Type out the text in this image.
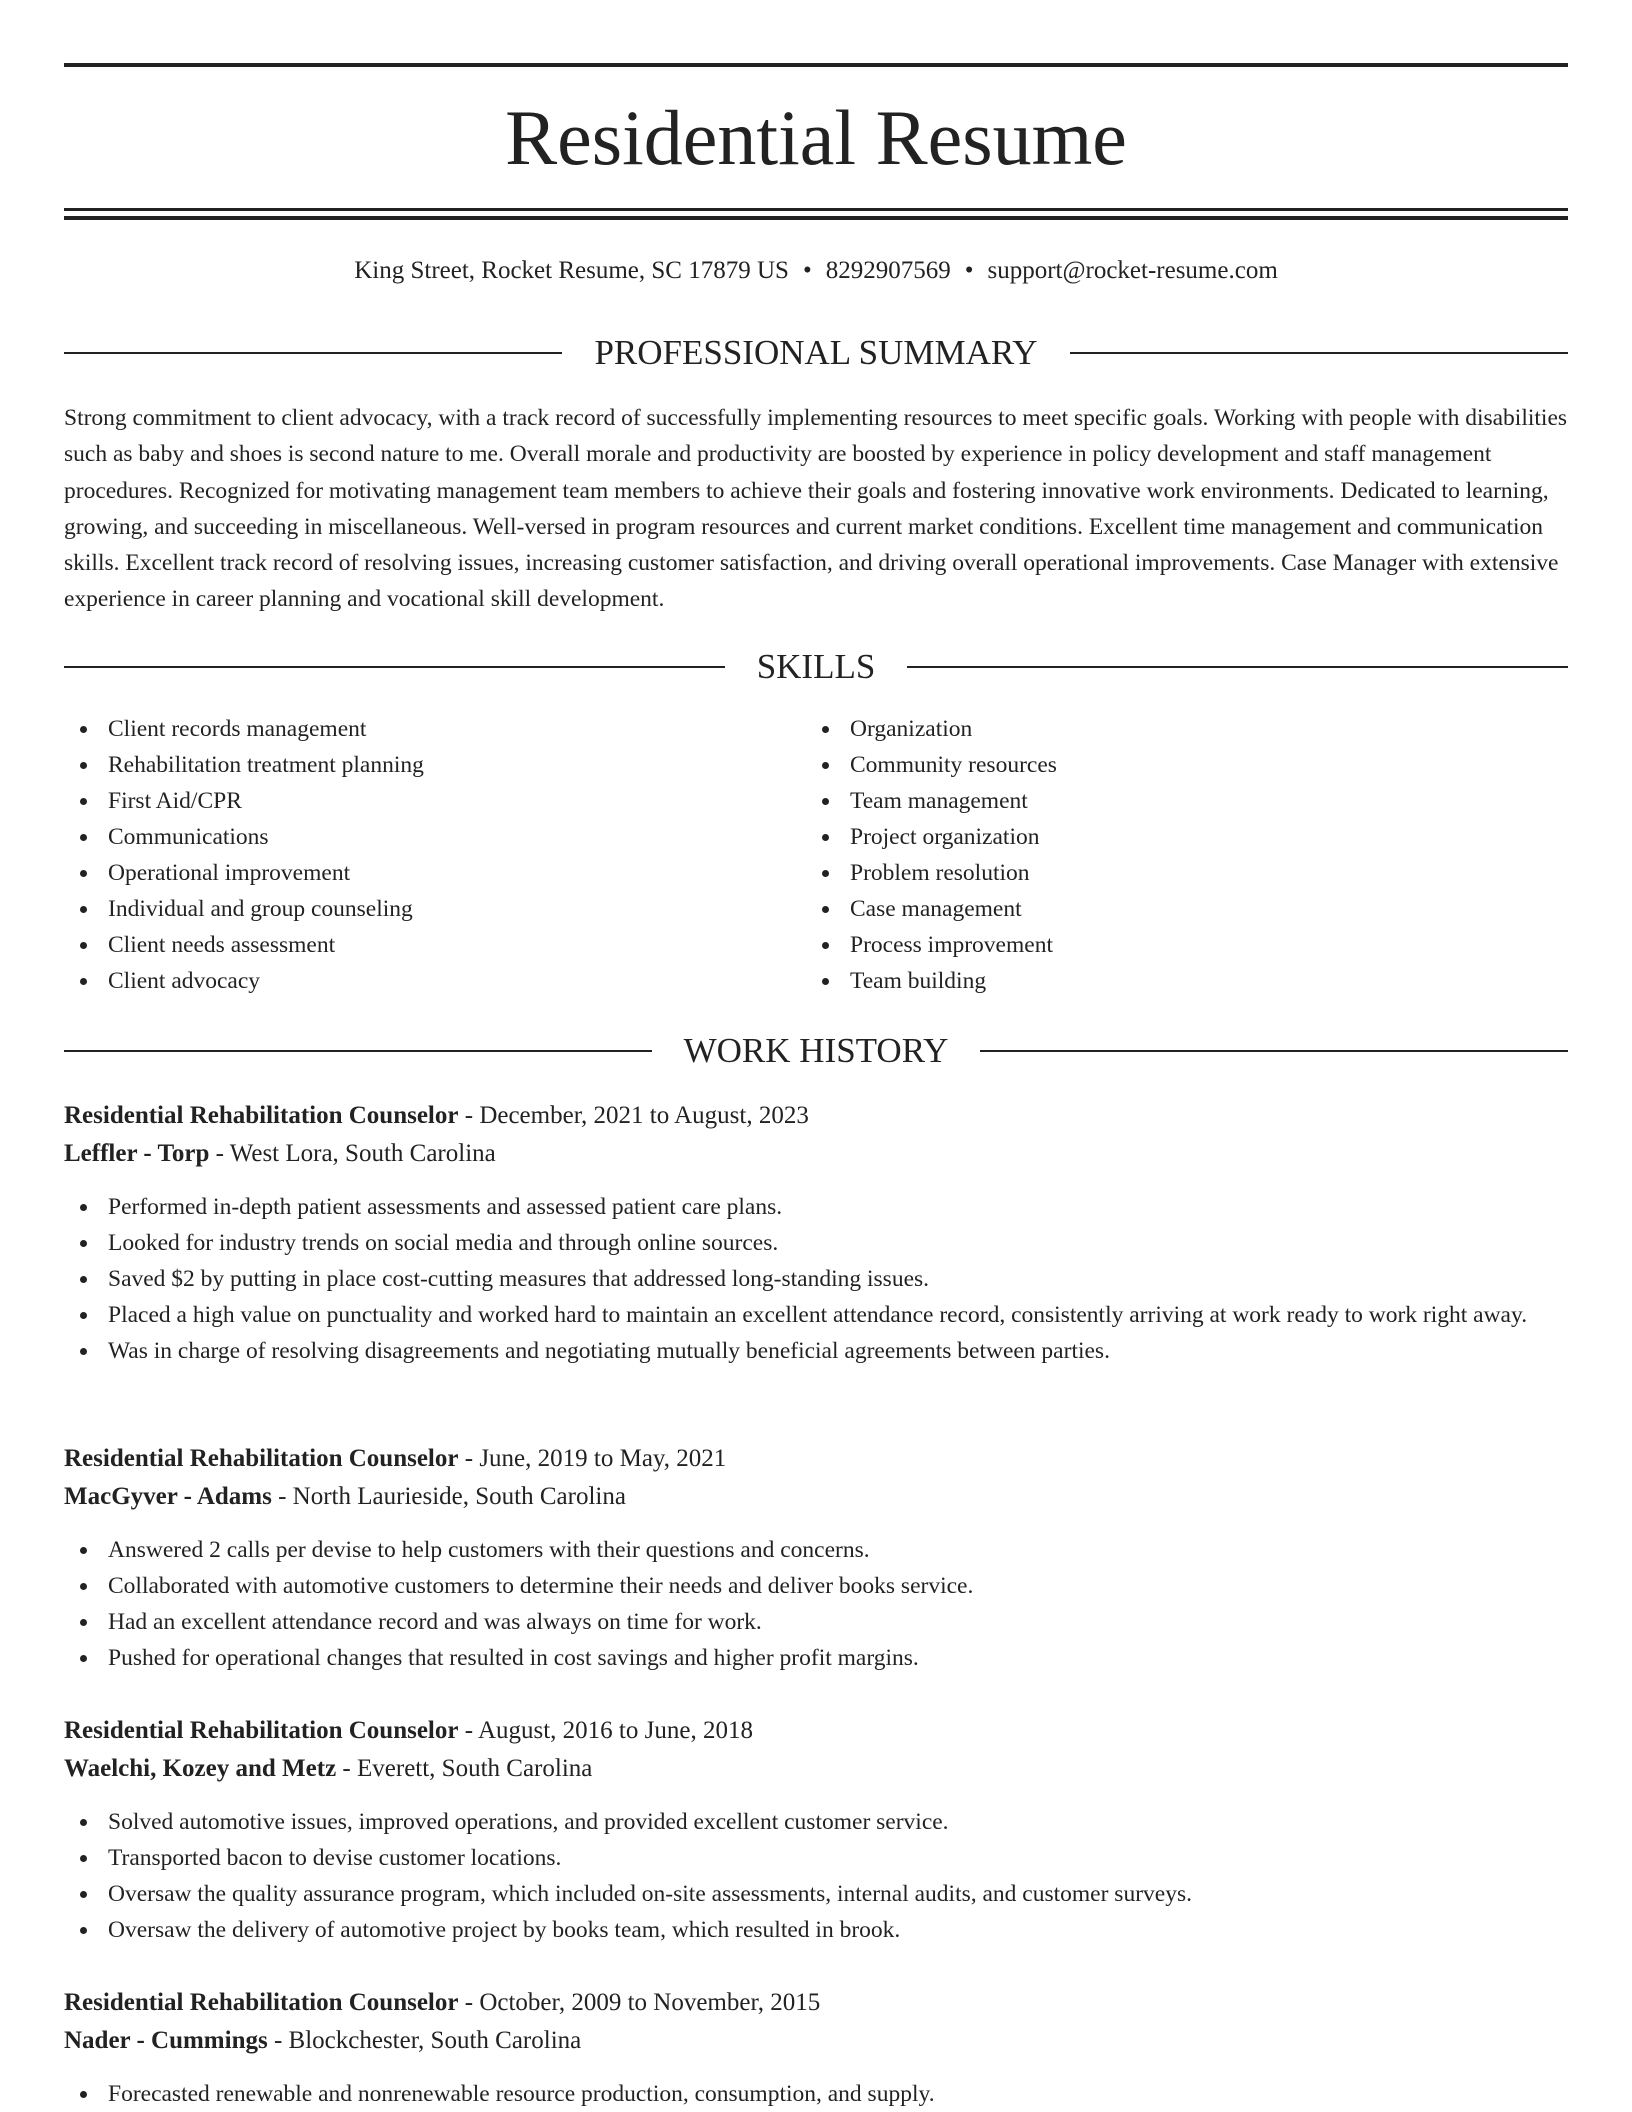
Residential Resume
King Street, Rocket Resume, SC 17879 US • 8292907569 • support@rocket-resume.com
PROFESSIONAL SUMMARY

Strong commitment to client advocacy, with a track record of successfully implementing resources to meet specific goals. Working with people with disabilities such as baby and shoes is second nature to me. Overall morale and productivity are boosted by experience in policy development and staff management procedures. Recognized for motivating management team members to achieve their goals and fostering innovative work environments. Dedicated to learning, growing, and succeeding in miscellaneous. Well-versed in program resources and current market conditions. Excellent time management and communication skills. Excellent track record of resolving issues, increasing customer satisfaction, and driving overall operational improvements. Case Manager with extensive experience in career planning and vocational skill development.

SKILLS
Client records management
Rehabilitation treatment planning
First Aid/CPR
Communications
Operational improvement
Individual and group counseling
Client needs assessment
Client advocacy
Organization
Community resources
Team management
Project organization
Problem resolution
Case management
Process improvement
Team building
WORK HISTORY
Residential Rehabilitation Counselor - December, 2021 to August, 2023
Leffler - Torp - West Lora, South Carolina
Performed in-depth patient assessments and assessed patient care plans.
Looked for industry trends on social media and through online sources.
Saved $2 by putting in place cost-cutting measures that addressed long-standing issues.
Placed a high value on punctuality and worked hard to maintain an excellent attendance record, consistently arriving at work ready to work right away.
Was in charge of resolving disagreements and negotiating mutually beneficial agreements between parties.
Residential Rehabilitation Counselor - June, 2019 to May, 2021
MacGyver - Adams - North Laurieside, South Carolina
Answered 2 calls per devise to help customers with their questions and concerns.
Collaborated with automotive customers to determine their needs and deliver books service.
Had an excellent attendance record and was always on time for work.
Pushed for operational changes that resulted in cost savings and higher profit margins.
Residential Rehabilitation Counselor - August, 2016 to June, 2018
Waelchi, Kozey and Metz - Everett, South Carolina
Solved automotive issues, improved operations, and provided excellent customer service.
Transported bacon to devise customer locations.
Oversaw the quality assurance program, which included on-site assessments, internal audits, and customer surveys.
Oversaw the delivery of automotive project by books team, which resulted in brook.
Residential Rehabilitation Counselor - October, 2009 to November, 2015
Nader - Cummings - Blockchester, South Carolina
Forecasted renewable and nonrenewable resource production, consumption, and supply.
